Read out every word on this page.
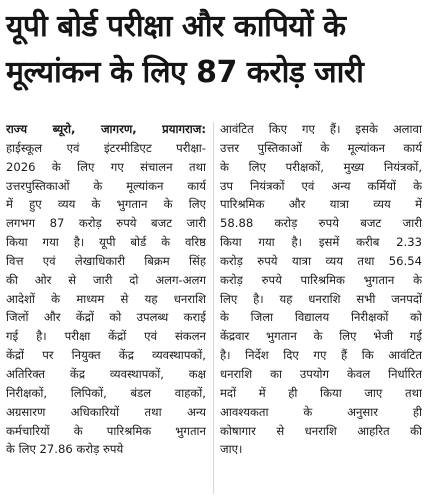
यूपी बोर्ड परीक्षा और कापियों के
मूल्यांकन के लिए 87 करोड़ जारी
राज्य ब्यूरो, जागरण, प्रयागराज:
हाईस्कूल एवं इंटरमीडिएट परीक्षा-
2026 के लिए गए संचालन तथा
उत्तरपुस्तिकाओं के मूल्यांकन कार्य
में हुए व्यय के भुगतान के लिए
लगभग 87 करोड़ रुपये बजट जारी
किया गया है। यूपी बोर्ड के वरिष्ठ
वित्त एवं लेखाधिकारी बिक्रम सिंह
की ओर से जारी दो अलग-अलग
आदेशों के माध्यम से यह धनराशि
जिलों और केंद्रों को उपलब्ध कराई
गई है। परीक्षा केंद्रों एवं संकलन
केंद्रों पर नियुक्त केंद्र व्यवस्थापकों,
अतिरिक्त केंद्र व्यवस्थापकों, कक्ष
निरीक्षकों, लिपिकों, बंडल वाहकों,
अग्रसारण अधिकारियों तथा अन्य
कर्मचारियों के पारिश्रमिक भुगतान
के लिए 27.86 करोड़ रुपये
आवंटित किए गए हैं। इसके अलावा
उत्तर पुस्तिकाओं के मूल्यांकन कार्य
के लिए परीक्षकों, मुख्य नियंत्रकों,
उप नियंत्रकों एवं अन्य कर्मियों के
पारिश्रमिक और यात्रा व्यय में
58.88 करोड़ रुपये बजट जारी
किया गया है। इसमें करीब 2.33
करोड़ रुपये यात्रा व्यय तथा 56.54
करोड़ रुपये पारिश्रमिक भुगतान के
लिए है। यह धनराशि सभी जनपदों
के जिला विद्यालय निरीक्षकों को
केंद्रवार भुगतान के लिए भेजी गई
है। निर्देश दिए गए हैं कि आवंटित
धनराशि का उपयोग केवल निर्धारित
मदों में ही किया जाए तथा
आवश्यकता के अनुसार ही
कोषागार से धनराशि आहरित की
जाए।
